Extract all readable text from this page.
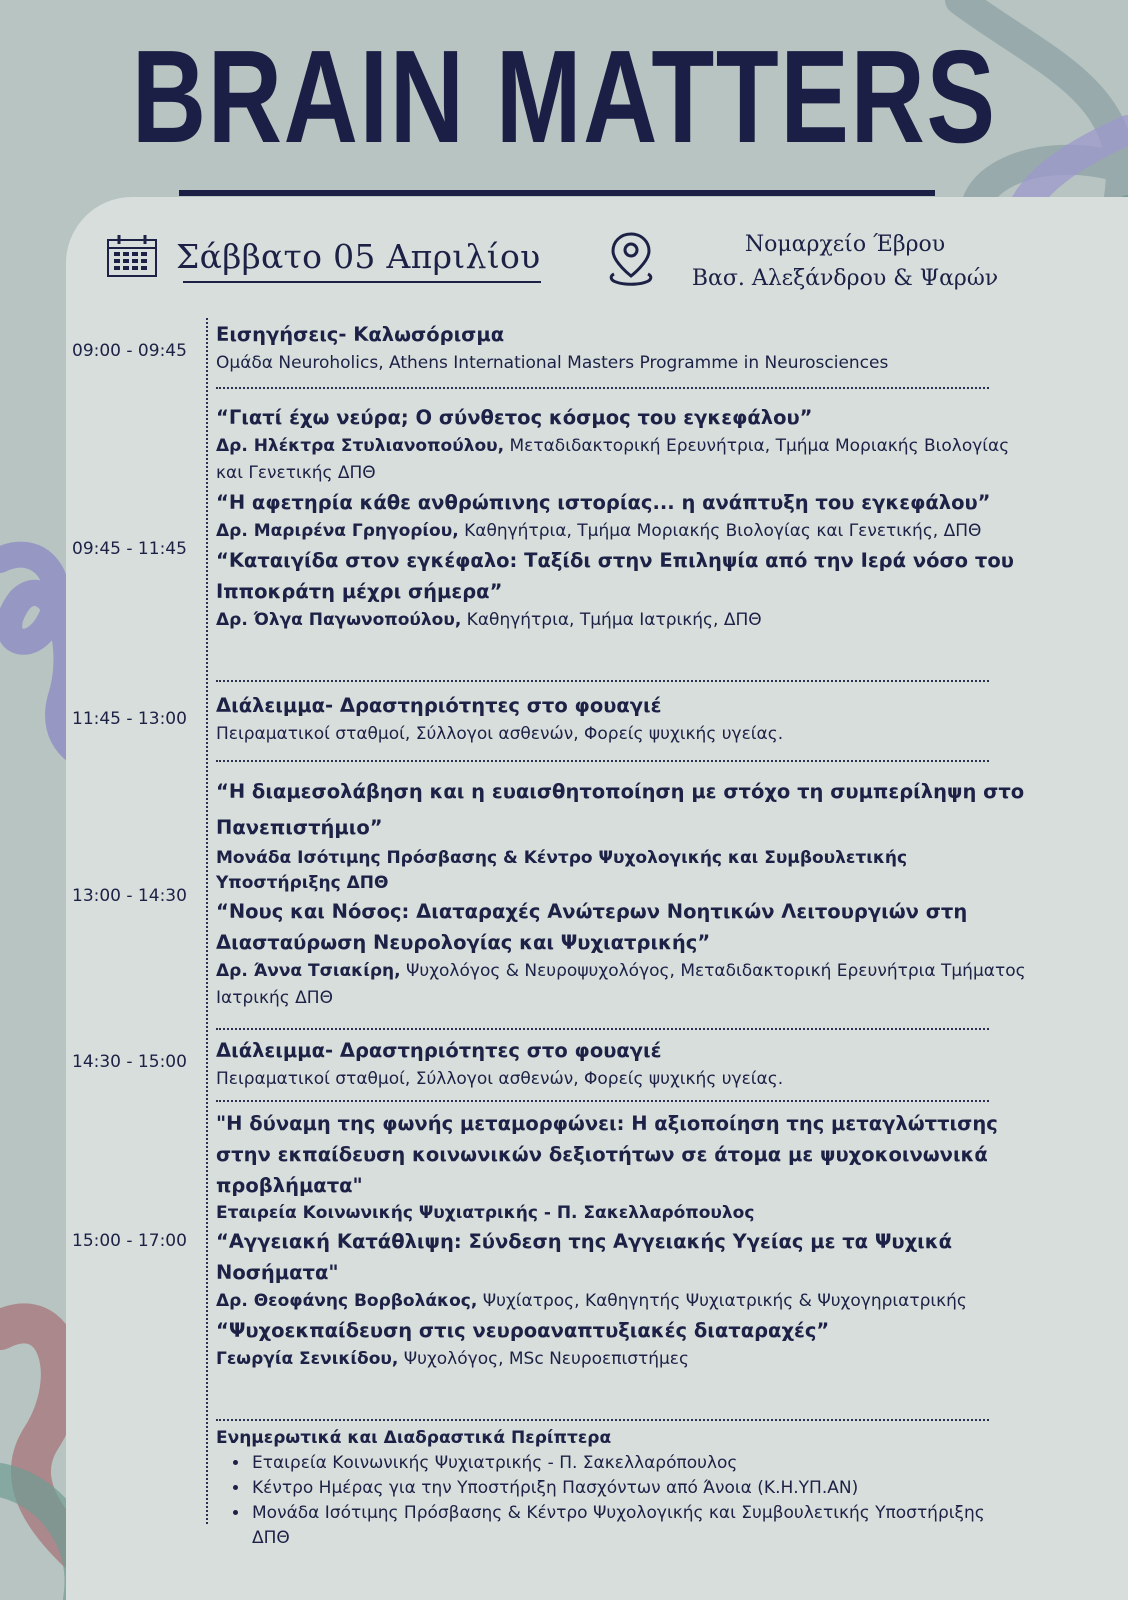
BRAIN MATTERS
Σάββατο 05 Απριλίου	Νομαρχείο Έβρου
Βασ. Αλεξάνδρου & Ψαρών
09:00 - 09:45
Εισηγήσεις- Καλωσόρισμα
Ομάδα Neuroholics, Athens International Masters Programme in Neurosciences
09:45 - 11:45
“Γιατί έχω νεύρα; Ο σύνθετος κόσμος του εγκεφάλου”
Δρ. Ηλέκτρα Στυλιανοπούλου, Μεταδιδακτορική Ερευνήτρια, Τμήμα Μοριακής Βιολογίας και Γενετικής ΔΠΘ
“Η αφετηρία κάθε ανθρώπινης ιστορίας... η ανάπτυξη του εγκεφάλου”
Δρ. Μαριρένα Γρηγορίου, Καθηγήτρια, Τμήμα Μοριακής Βιολογίας και Γενετικής, ΔΠΘ
“Καταιγίδα στον εγκέφαλο: Ταξίδι στην Επιληψία από την Ιερά νόσο του Ιπποκράτη μέχρι σήμερα”
Δρ. Όλγα Παγωνοπούλου, Καθηγήτρια, Τμήμα Ιατρικής, ΔΠΘ
11:45 - 13:00
Διάλειμμα- Δραστηριότητες στο φουαγιέ
Πειραματικοί σταθμοί, Σύλλογοι ασθενών, Φορείς ψυχικής υγείας.
13:00 - 14:30
“Η διαμεσολάβηση και η ευαισθητοποίηση με στόχο τη συμπερίληψη στο Πανεπιστήμιο”
Μονάδα Ισότιμης Πρόσβασης & Κέντρο Ψυχολογικής και Συμβουλετικής Υποστήριξης ΔΠΘ
“Νους και Νόσος: Διαταραχές Ανώτερων Νοητικών Λειτουργιών στη Διασταύρωση Νευρολογίας και Ψυχιατρικής”
Δρ. Άννα Τσιακίρη, Ψυχολόγος & Νευροψυχολόγος, Μεταδιδακτορική Ερευνήτρια Τμήματος Ιατρικής ΔΠΘ
14:30 - 15:00	Διάλειμμα- Δραστηριότητες στο φουαγιέ
Πειραματικοί σταθμοί, Σύλλογοι ασθενών, Φορείς ψυχικής υγείας.
15:00 - 17:00
"Η δύναμη της φωνής μεταμορφώνει: Η αξιοποίηση της μεταγλώττισης στην εκπαίδευση κοινωνικών δεξιοτήτων σε άτομα με ψυχοκοινωνικά προβλήματα"
Εταιρεία Κοινωνικής Ψυχιατρικής - Π. Σακελλαρόπουλος
“Αγγειακή Κατάθλιψη: Σύνδεση της Αγγειακής Υγείας με τα Ψυχικά Νοσήματα"
Δρ. Θεοφάνης Βορβολάκος, Ψυχίατρος, Καθηγητής Ψυχιατρικής & Ψυχογηριατρικής
“Ψυχοεκπαίδευση στις νευροαναπτυξιακές διαταραχές”
Γεωργία Σενικίδου, Ψυχολόγος, MSc Νευροεπιστήμες
Ενημερωτικά και Διαδραστικά Περίπτερα
• Εταιρεία Κοινωνικής Ψυχιατρικής - Π. Σακελλαρόπουλος
• Κέντρο Ημέρας για την Υποστήριξη Πασχόντων από Άνοια (Κ.Η.ΥΠ.ΑΝ)
• Μονάδα Ισότιμης Πρόσβασης & Κέντρο Ψυχολογικής και Συμβουλετικής Υποστήριξης ΔΠΘ
